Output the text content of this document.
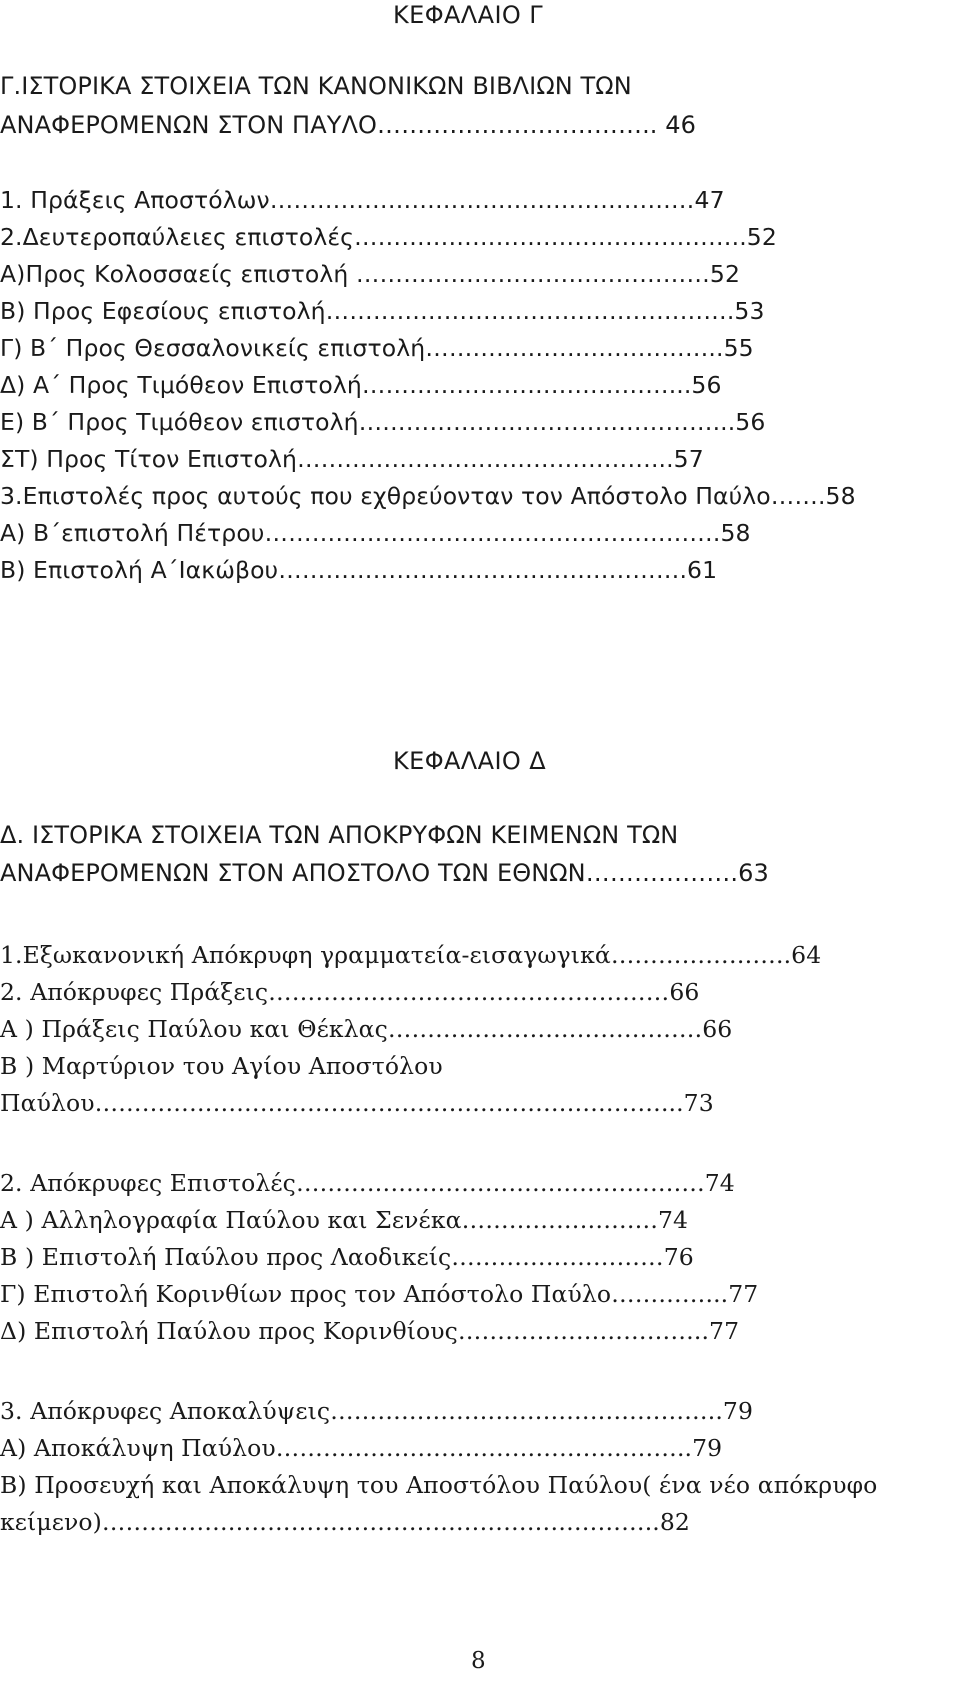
ΚΕΦΑΛΑΙΟ Γ
Γ.ΙΣΤΟΡΙΚΑ ΣΤΟΙΧΕΙΑ ΤΩΝ ΚΑΝΟΝΙΚΩΝ ΒΙΒΛΙΩΝ ΤΩΝ
ΑΝΑΦΕΡΟΜΕΝΩΝ ΣΤΟΝ ΠΑΥΛΟ…………………………….. 46
1. Πράξεις Αποστόλων………………………………………………47
2.Δευτεροπαύλειες επιστολές…………………………………………..52
Α)Προς Κολοσσαείς επιστολή ………………………………………52
Β) Προς Εφεσίους επιστολή…………………………………………….53
Γ) Β΄ Προς Θεσσαλονικείς επιστολή………………………………..55
Δ) Α΄ Προς Τιμόθεον Επιστολή…………………………………...56
Ε) Β΄ Προς Τιμόθεον επιστολή………………………………………...56
ΣΤ) Προς Τίτον Επιστολή………………………………………...57
3.Επιστολές προς αυτούς που εχθρεύονταν τον Απόστολο Παύλο…….58
Α) Β΄επιστολή Πέτρου………………………………………………….58
Β) Επιστολή Α΄Ιακώβου…………………………………………….61
ΚΕΦΑΛΑΙΟ Δ
Δ. ΙΣΤΟΡΙΚΑ ΣΤΟΙΧΕΙΑ ΤΩΝ ΑΠΟΚΡΥΦΩΝ ΚΕΙΜΕΝΩΝ ΤΩΝ
ΑΝΑΦΕΡΟΜΕΝΩΝ ΣΤΟΝ ΑΠΟΣΤΟΛΟ ΤΩΝ ΕΘΝΩΝ……………….63
1.Εξωκανονική Απόκρυφη γραμματεία-εισαγωγικά…………………..64
2. Απόκρυφες Πράξεις……………………………………………66
Α ) Πράξεις Παύλου και Θέκλας………………………………….66
Β ) Μαρτύριον του Αγίου Αποστόλου
Παύλου………………………………………………………………...73
2. Απόκρυφες Επιστολές…………………………………………….74
Α ) Αλληλογραφία Παύλου και Σενέκα…………………….74
Β ) Επιστολή Παύλου προς Λαοδικείς………………………76
Γ) Επιστολή Κορινθίων προς τον Απόστολο Παύλο…………...77
Δ) Επιστολή Παύλου προς Κορινθίους…………………………..77
3. Απόκρυφες Αποκαλύψεις…………………………………………..79
Α) Αποκάλυψη Παύλου……………………………………………..79
Β) Προσευχή και Αποκάλυψη του Αποστόλου Παύλου( ένα νέο απόκρυφο
κείμενο)……………………………………………………………..82
8
